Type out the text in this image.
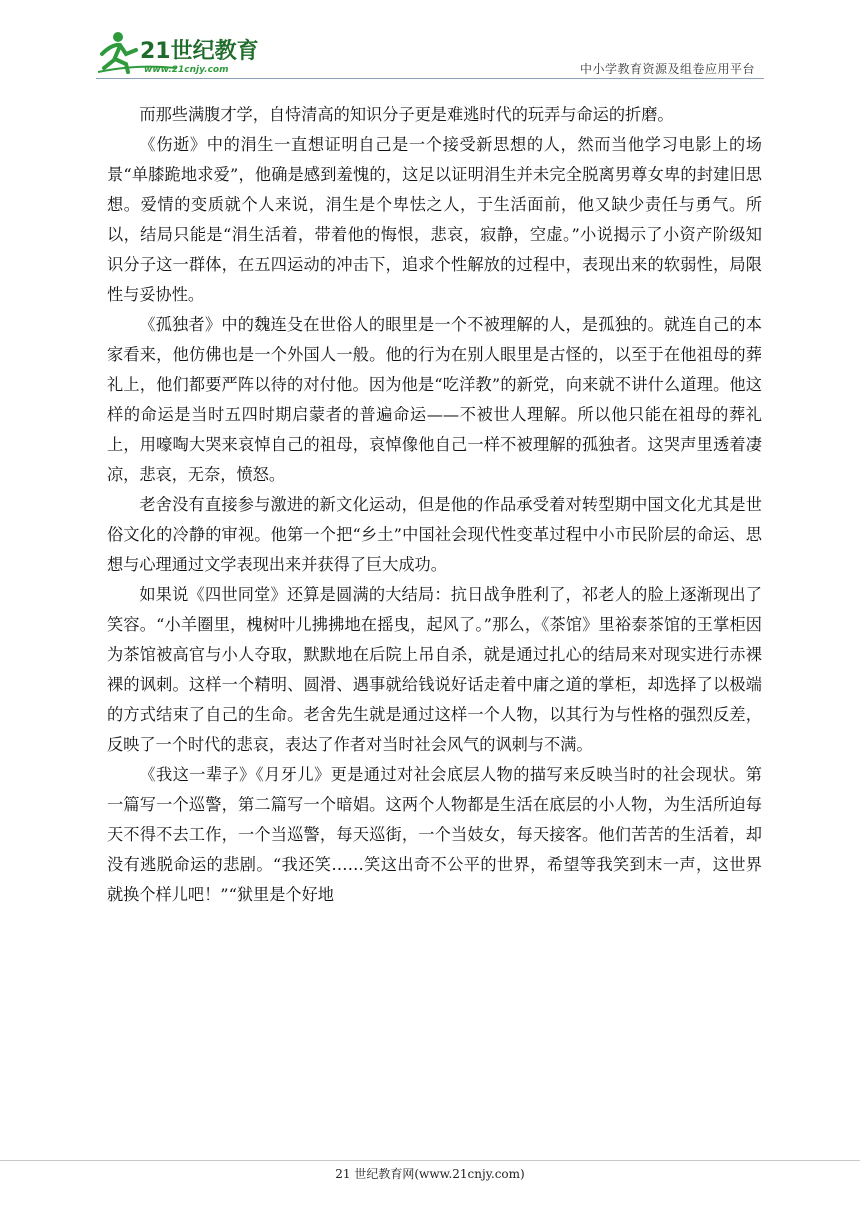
21世纪教育
www.21cnjy.com	中小学教育资源及组卷应用平台

而那些满腹才学，自恃清高的知识分子更是难逃时代的玩弄与命运的折磨。

《伤逝》中的涓生一直想证明自己是一个接受新思想的人，然而当他学习电影上的场景“单膝跪地求爱”，他确是感到羞愧的，这足以证明涓生并未完全脱离男尊女卑的封建旧思想。爱情的变质就个人来说，涓生是个卑怯之人，于生活面前，他又缺少责任与勇气。所以，结局只能是“涓生活着，带着他的悔恨，悲哀，寂静，空虚。”小说揭示了小资产阶级知识分子这一群体，在五四运动的冲击下，追求个性解放的过程中，表现出来的软弱性，局限性与妥协性。

《孤独者》中的魏连殳在世俗人的眼里是一个不被理解的人，是孤独的。就连自己的本家看来，他仿佛也是一个外国人一般。他的行为在别人眼里是古怪的，以至于在他祖母的葬礼上，他们都要严阵以待的对付他。因为他是“吃洋教”的新党，向来就不讲什么道理。他这样的命运是当时五四时期启蒙者的普遍命运——不被世人理解。所以他只能在祖母的葬礼上，用嚎啕大哭来哀悼自己的祖母，哀悼像他自己一样不被理解的孤独者。这哭声里透着凄凉，悲哀，无奈，愤怒。

老舍没有直接参与激进的新文化运动，但是他的作品承受着对转型期中国文化尤其是世俗文化的冷静的审视。他第一个把“乡土”中国社会现代性变革过程中小市民阶层的命运、思想与心理通过文学表现出来并获得了巨大成功。

如果说《四世同堂》还算是圆满的大结局：抗日战争胜利了，祁老人的脸上逐渐现出了笑容。“小羊圈里，槐树叶儿拂拂地在摇曳，起风了。”那么，《茶馆》里裕泰茶馆的王掌柜因为茶馆被高官与小人夺取，默默地在后院上吊自杀，就是通过扎心的结局来对现实进行赤裸裸的讽刺。这样一个精明、圆滑、遇事就给钱说好话走着中庸之道的掌柜，却选择了以极端的方式结束了自己的生命。老舍先生就是通过这样一个人物，以其行为与性格的强烈反差，反映了一个时代的悲哀，表达了作者对当时社会风气的讽刺与不满。

《我这一辈子》《月牙儿》更是通过对社会底层人物的描写来反映当时的社会现状。第一篇写一个巡警，第二篇写一个暗娼。这两个人物都是生活在底层的小人物，为生活所迫每天不得不去工作，一个当巡警，每天巡街，一个当妓女，每天接客。他们苦苦的生活着，却没有逃脱命运的悲剧。“我还笑……笑这出奇不公平的世界，希望等我笑到末一声，这世界就换个样儿吧！”“狱里是个好地

21 世纪教育网(www.21cnjy.com)
